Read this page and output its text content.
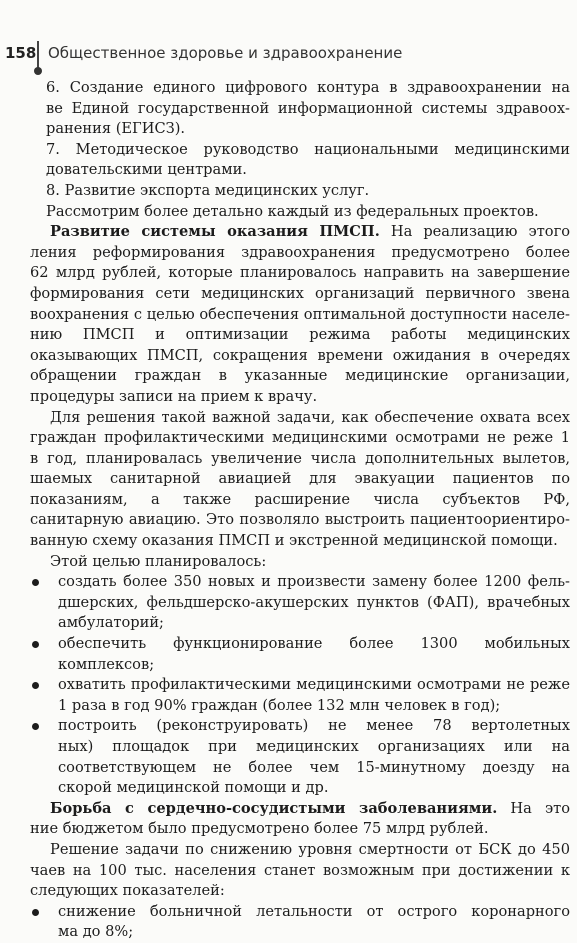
158 Общественное здоровье и здравоохранение
6. Создание единого цифрового контура в здравоохранении на
ве Единой государственной информационной системы здравоох-
ранения (ЕГИСЗ).
7. Методическое руководство национальными медицинскими
довательскими центрами.
8. Развитие экспорта медицинских услуг.
Рассмотрим более детально каждый из федеральных проектов.
Развитие системы оказания ПМСП. На реализацию этого
ления реформирования здравоохранения предусмотрено более
62 млрд рублей, которые планировалось направить на завершение
формирования сети медицинских организаций первичного звена
воохранения с целью обеспечения оптимальной доступности населе-
нию ПМСП и оптимизации режима работы медицинских
оказывающих ПМСП, сокращения времени ожидания в очередях
обращении граждан в указанные медицинские организации,
процедуры записи на прием к врачу.
Для решения такой важной задачи, как обеспечение охвата всех
граждан профилактическими медицинскими осмотрами не реже 1
в год, планировалась увеличение числа дополнительных вылетов,
шаемых санитарной авиацией для эвакуации пациентов по
показаниям, а также расширение числа субъектов РФ,
санитарную авиацию. Это позволяло выстроить пациентоориентиро-
ванную схему оказания ПМСП и экстренной медицинской помощи.
Этой целью планировалось:
создать более 350 новых и произвести замену более 1200 фель-
дшерских, фельдшерско-акушерских пунктов (ФАП), врачебных
амбулаторий;
обеспечить функционирование более 1300 мобильных
комплексов;
охватить профилактическими медицинскими осмотрами не реже
1 раза в год 90% граждан (более 132 млн человек в год);
построить (реконструировать) не менее 78 вертолетных
ных) площадок при медицинских организациях или на
соответствующем не более чем 15-минутному доезду на
скорой медицинской помощи и др.
Борьба с сердечно-сосудистыми заболеваниями. На это
ние бюджетом было предусмотрено более 75 млрд рублей.
Решение задачи по снижению уровня смертности от БСК до 450
чаев на 100 тыс. населения станет возможным при достижении к
следующих показателей:
снижение больничной летальности от острого коронарного
ма до 8%;
